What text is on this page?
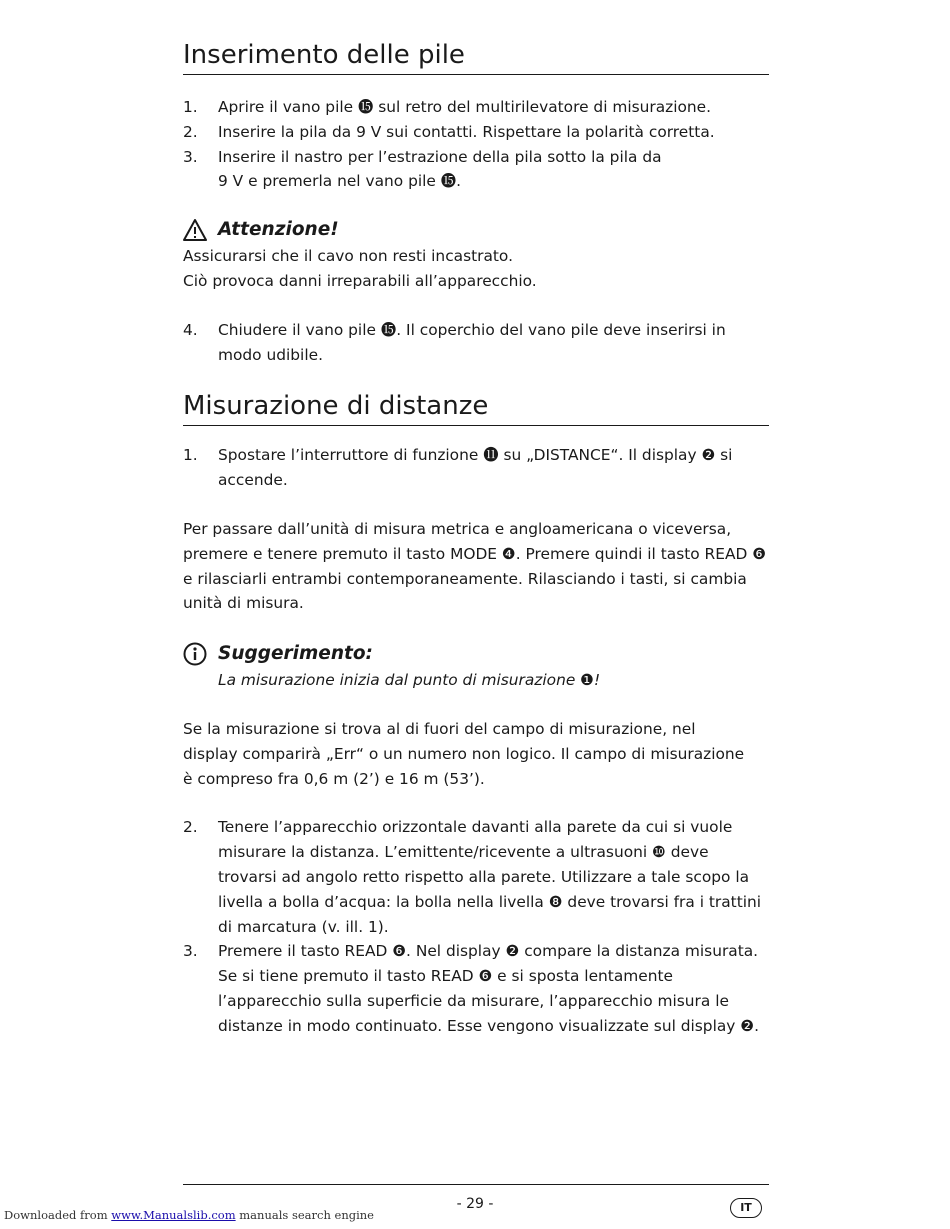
Inserimento delle pile
1.	Aprire il vano pile ⓯ sul retro del multirilevatore di misurazione.
2.	Inserire la pila da 9 V sui contatti. Rispettare la polarità corretta.
3.	Inserire il nastro per l’estrazione della pila sotto la pila da 9 V e premerla nel vano pile ⓯.
Attenzione!
Assicurarsi che il cavo non resti incastrato.
Ciò provoca danni irreparabili all’apparecchio.
4.	Chiudere il vano pile ⓯. Il coperchio del vano pile deve inserirsi in modo udibile.
Misurazione di distanze
1.	Spostare l’interruttore di funzione ⓫ su „DISTANCE“. Il display ❷ si accende.
Per passare dall’unità di misura metrica e angloamericana o viceversa, premere e tenere premuto il tasto MODE ❹. Premere quindi il tasto READ ❻ e rilasciarli entrambi contemporaneamente. Rilasciando i tasti, si cambia unità di misura.
Suggerimento:
La misurazione inizia dal punto di misurazione ❶!
Se la misurazione si trova al di fuori del campo di misurazione, nel display comparirà „Err“ o un numero non logico. Il campo di misurazione è compreso fra 0,6 m (2’) e 16 m (53’).
2.	Tenere l’apparecchio orizzontale davanti alla parete da cui si vuole misurare la distanza. L’emittente/ricevente a ultrasuoni ❿ deve trovarsi ad angolo retto rispetto alla parete. Utilizzare a tale scopo la livella a bolla d’acqua: la bolla nella livella ❽ deve trovarsi fra i trattini di marcatura (v. ill. 1).
3.	Premere il tasto READ ❻. Nel display ❷ compare la distanza misurata. Se si tiene premuto il tasto READ ❻ e si sposta lentamente l’apparecchio sulla superficie da misurare, l’apparecchio misura le distanze in modo continuato. Esse vengono visualizzate sul display ❷.
- 29 -	IT
Downloaded from www.Manualslib.com manuals search engine
